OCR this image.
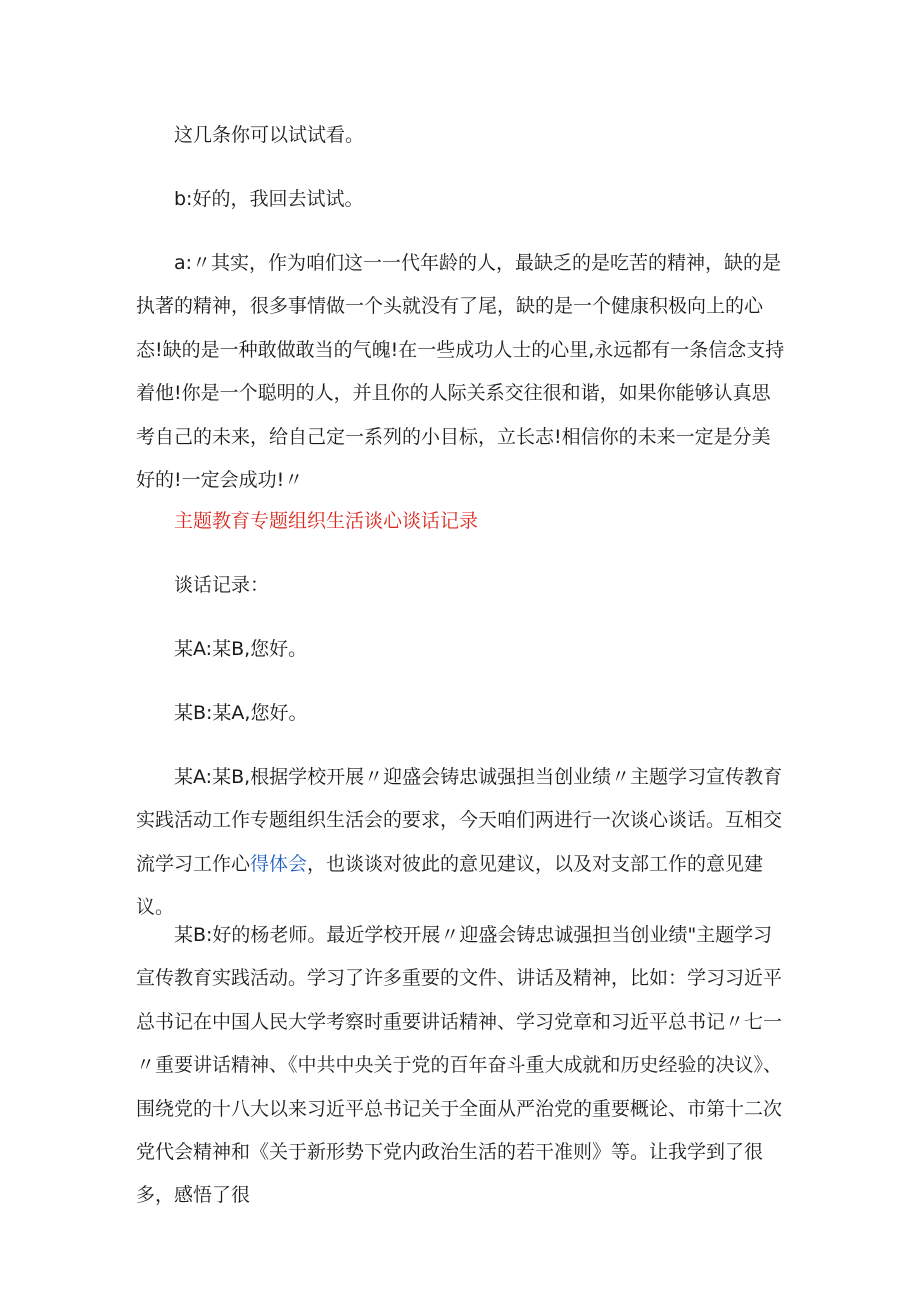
这几条你可以试试看。

b:好的，我回去试试。

a:〃其实，作为咱们这一一代年龄的人，最缺乏的是吃苦的精神，缺的是执著的精神，很多事情做一个头就没有了尾，缺的是一个健康积极向上的心态!缺的是一种敢做敢当的气魄!在一些成功人士的心里,永远都有一条信念支持着他!你是一个聪明的人，并且你的人际关系交往很和谐，如果你能够认真思考自己的未来，给自己定一系列的小目标，立长志!相信你的未来一定是分美好的!一定会成功!〃

主题教育专题组织生活谈心谈话记录

谈话记录：

某A:某B,您好。

某B:某A,您好。

某A:某B,根据学校开展〃迎盛会铸忠诚强担当创业绩〃主题学习宣传教育实践活动工作专题组织生活会的要求，今天咱们两进行一次谈心谈话。互相交流学习工作心得体会，也谈谈对彼此的意见建议，以及对支部工作的意见建议。

某B:好的杨老师。最近学校开展〃迎盛会铸忠诚强担当创业绩"主题学习宣传教育实践活动。学习了许多重要的文件、讲话及精神，比如：学习习近平总书记在中国人民大学考察时重要讲话精神、学习党章和习近平总书记〃七一〃重要讲话精神、《中共中央关于党的百年奋斗重大成就和历史经验的决议》、围绕党的十八大以来习近平总书记关于全面从严治党的重要概论、市第十二次党代会精神和《关于新形势下党内政治生活的若干准则》等。让我学到了很多，感悟了很
